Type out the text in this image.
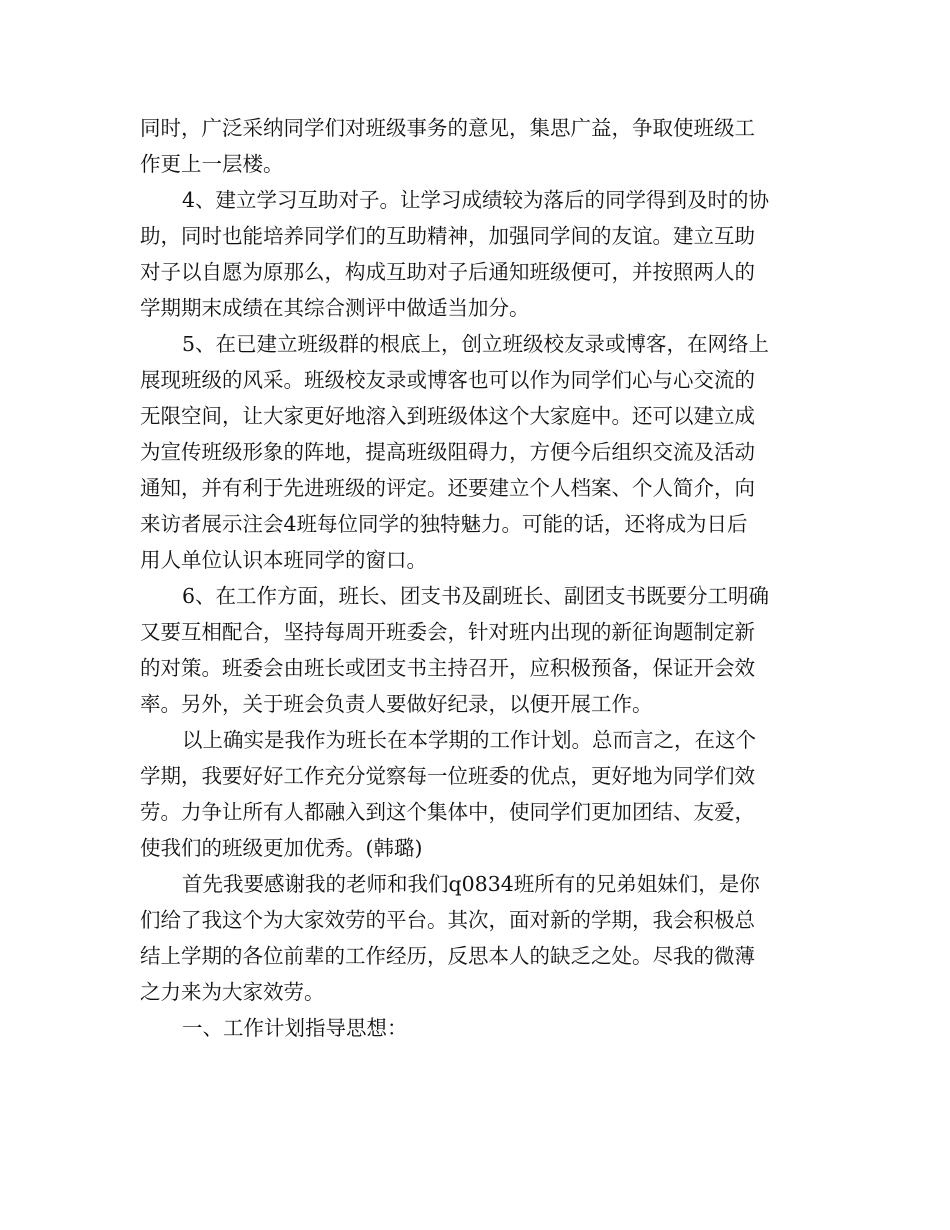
同时，广泛采纳同学们对班级事务的意见，集思广益，争取使班级工
作更上一层楼。
4、建立学习互助对子。让学习成绩较为落后的同学得到及时的协
助，同时也能培养同学们的互助精神，加强同学间的友谊。建立互助
对子以自愿为原那么，构成互助对子后通知班级便可，并按照两人的
学期期末成绩在其综合测评中做适当加分。
5、在已建立班级群的根底上，创立班级校友录或博客，在网络上
展现班级的风采。班级校友录或博客也可以作为同学们心与心交流的
无限空间，让大家更好地溶入到班级体这个大家庭中。还可以建立成
为宣传班级形象的阵地，提高班级阻碍力，方便今后组织交流及活动
通知，并有利于先进班级的评定。还要建立个人档案、个人简介，向
来访者展示注会4班每位同学的独特魅力。可能的话，还将成为日后
用人单位认识本班同学的窗口。
6、在工作方面，班长、团支书及副班长、副团支书既要分工明确
又要互相配合，坚持每周开班委会，针对班内出现的新征询题制定新
的对策。班委会由班长或团支书主持召开，应积极预备，保证开会效
率。另外，关于班会负责人要做好纪录，以便开展工作。
以上确实是我作为班长在本学期的工作计划。总而言之，在这个
学期，我要好好工作充分觉察每一位班委的优点，更好地为同学们效
劳。力争让所有人都融入到这个集体中，使同学们更加团结、友爱，
使我们的班级更加优秀。(韩璐)
首先我要感谢我的老师和我们q0834班所有的兄弟姐妹们，是你
们给了我这个为大家效劳的平台。其次，面对新的学期，我会积极总
结上学期的各位前辈的工作经历，反思本人的缺乏之处。尽我的微薄
之力来为大家效劳。
一、工作计划指导思想：
